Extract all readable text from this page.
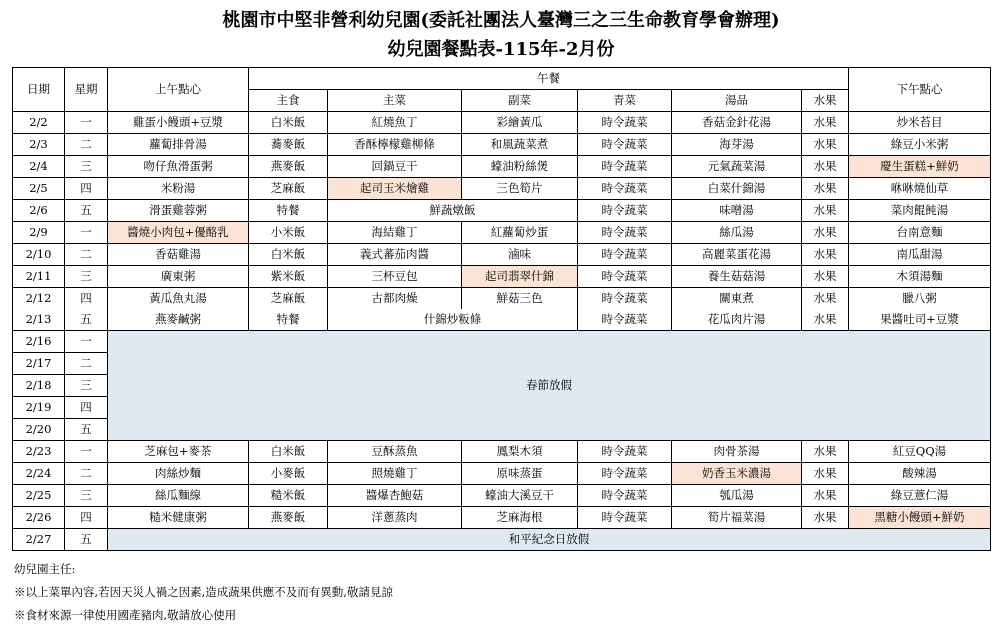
桃園市中堅非營利幼兒園(委託社團法人臺灣三之三生命教育學會辦理)
幼兒園餐點表-115年-2月份
日期	星期	上午點心	午餐						下午點心
			主食	主菜	副菜	青菜	湯品	水果	
2/2	一	雞蛋小饅頭+豆漿	白米飯	紅燒魚丁	彩繪黃瓜	時令蔬菜	香菇金針花湯	水果	炒米苔目
2/3	二	蘿蔔排骨湯	蕎麥飯	香酥檸檬雞柳條	和風蔬菜煮	時令蔬菜	海芽湯	水果	綠豆小米粥
2/4	三	吻仔魚滑蛋粥	燕麥飯	回鍋豆干	蠔油粉絲煲	時令蔬菜	元氣蔬菜湯	水果	慶生蛋糕+鮮奶
2/5	四	米粉湯	芝麻飯	起司玉米燴雞	三色筍片	時令蔬菜	白菜什錦湯	水果	咻咻燒仙草
2/6	五	滑蛋雞蓉粥	特餐	鮮蔬燉飯		時令蔬菜	味噌湯	水果	菜肉餛飩湯
2/9	一	醬燒小肉包+優酪乳	小米飯	海結雞丁	紅蘿蔔炒蛋	時令蔬菜	絲瓜湯	水果	台南意麵
2/10	二	香菇雞湯	白米飯	義式蕃茄肉醬	滷味	時令蔬菜	高麗菜蛋花湯	水果	南瓜甜湯
2/11	三	廣東粥	紫米飯	三杯豆包	起司翡翠什錦	時令蔬菜	養生菇菇湯	水果	木須湯麵
2/12	四	黃瓜魚丸湯	芝麻飯	古都肉燥	鮮菇三色	時令蔬菜	關東煮	水果	臘八粥
2/13	五	燕麥鹹粥	特餐	什錦炒粄條		時令蔬菜	花瓜肉片湯	水果	果醬吐司+豆漿
2/16	一	春節放假							
2/17	二								
2/18	三								
2/19	四								
2/20	五								
2/23	一	芝麻包+麥茶	白米飯	豆酥蒸魚	鳳梨木須	時令蔬菜	肉骨茶湯	水果	紅豆QQ湯
2/24	二	肉絲炒麵	小麥飯	照燒雞丁	原味蒸蛋	時令蔬菜	奶香玉米濃湯	水果	酸辣湯
2/25	三	絲瓜麵線	糙米飯	醬爆杏鮑菇	蠔油大溪豆干	時令蔬菜	瓠瓜湯	水果	綠豆薏仁湯
2/26	四	糙米健康粥	燕麥飯	洋蔥蒸肉	芝麻海根	時令蔬菜	筍片福菜湯	水果	黑糖小饅頭+鮮奶
2/27	五	和平紀念日放假							
幼兒園主任:
※以上菜單內容,若因天災人禍之因素,造成蔬果供應不及而有異動,敬請見諒
※食材來源一律使用國產豬肉,敬請放心使用
